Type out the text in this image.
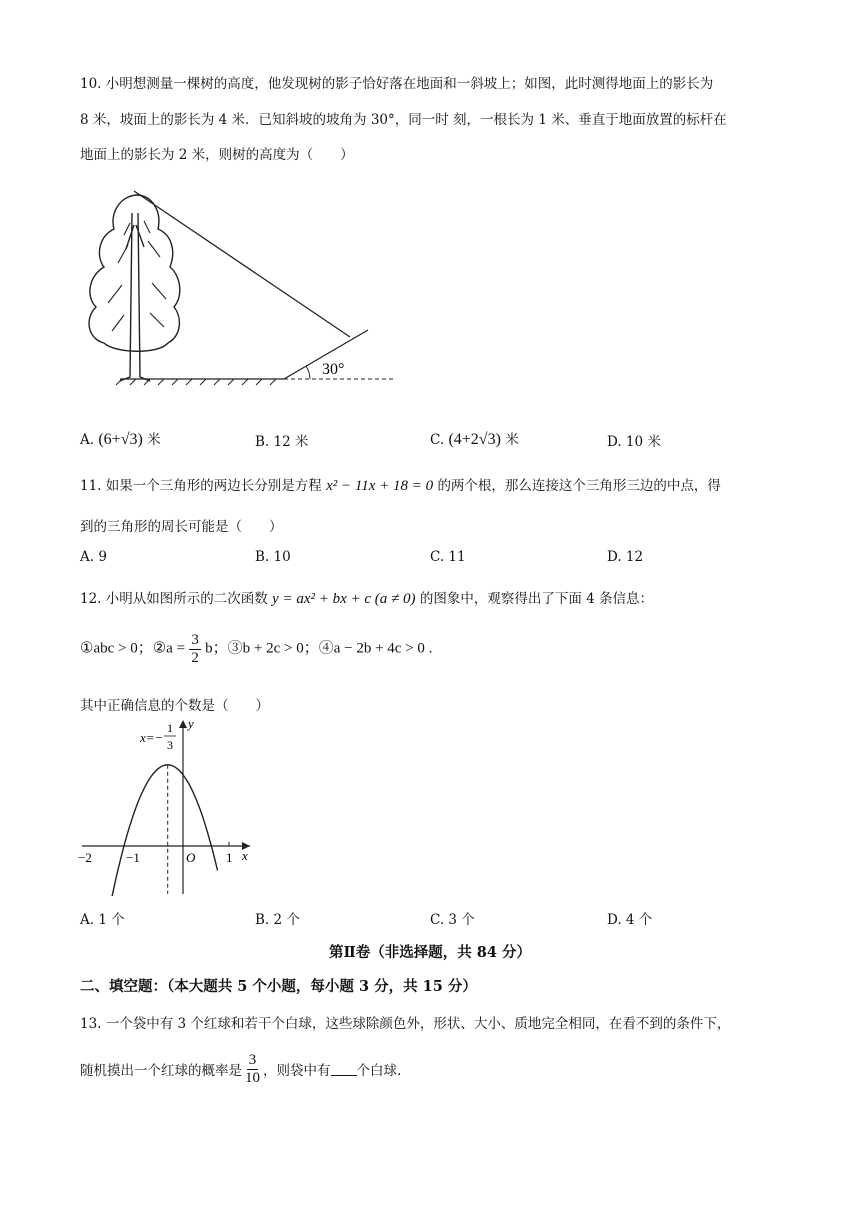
10. 小明想测量一棵树的高度，他发现树的影子恰好落在地面和一斜坡上；如图，此时测得地面上的影长为
8 米，坡面上的影长为 4 米．已知斜坡的坡角为 30°，同一时 刻，一根长为 1 米、垂直于地面放置的标杆在
地面上的影长为 2 米，则树的高度为（　　）
30°
A. (6+√3) 米	B. 12 米	C. (4+2√3) 米	D. 10 米
11. 如果一个三角形的两边长分别是方程 x² − 11x + 18 = 0 的两个根，那么连接这个三角形三边的中点，得
到的三角形的周长可能是（　　）
A. 9	B. 10	C. 11	D. 12
12. 小明从如图所示的二次函数 y = ax² + bx + c (a ≠ 0) 的图象中，观察得出了下面 4 条信息：
①abc > 0；②a = $\frac{3}{2}$ b；③b + 2c > 0；④a − 2b + 4c > 0 .
其中正确信息的个数是（　　）
x=−
1
3
y
x
O
−2	−1	1
A. 1 个	B. 2 个	C. 3 个	D. 4 个
第Ⅱ卷（非选择题，共 84 分）
二、填空题：（本大题共 5 个小题，每小题 3 分，共 15 分）
13. 一个袋中有 3 个红球和若干个白球，这些球除颜色外，形状、大小、质地完全相同，在看不到的条件下，
随机摸出一个红球的概率是 $\frac{3}{10}$ ，则袋中有 个白球.
